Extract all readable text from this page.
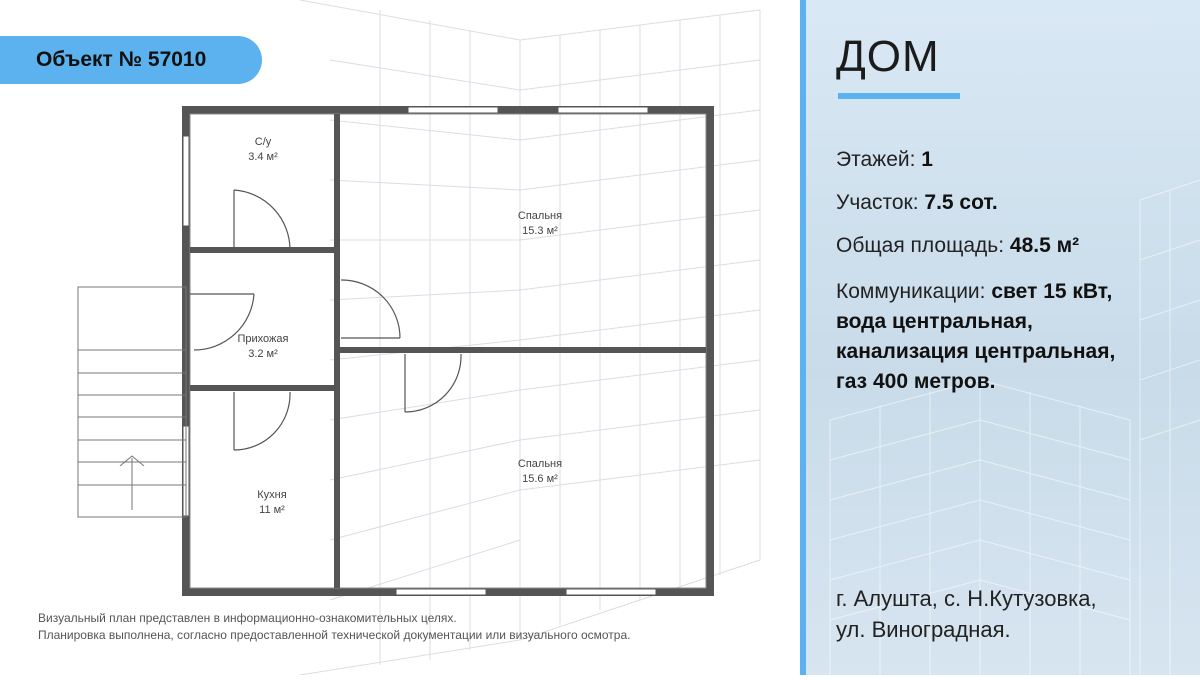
Объект № 57010
С/у
3.4 м²
Спальня
15.3 м²
Прихожая
3.2 м²
Спальня
15.6 м²
Кухня
11 м²
Визуальный план представлен в информационно-ознакомительных целях.
Планировка выполнена, согласно предоставленной технической документации или визуального осмотра.
ДОМ
Этажей: 1
Участок: 7.5 сот.
Общая площадь: 48.5 м²
Коммуникации: свет 15 кВт,
вода центральная,
канализация центральная,
газ 400 метров.
г. Алушта, с. Н.Кутузовка,
ул. Виноградная.
